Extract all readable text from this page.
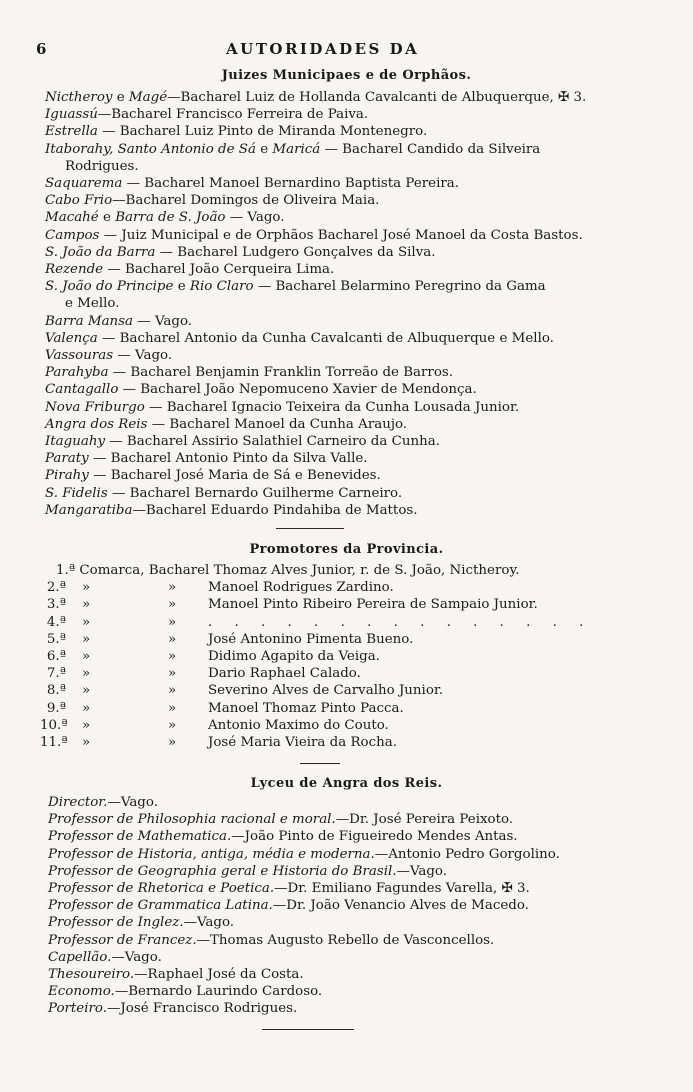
6	AUTORIDADES DA
Juizes Municipaes e de Orphãos.
Nictheroy e Magé—Bacharel Luiz de Hollanda Cavalcanti de Albuquerque, ✠ 3.
Iguassú—Bacharel Francisco Ferreira de Paiva.
Estrella — Bacharel Luiz Pinto de Miranda Montenegro.
Itaborahy, Santo Antonio de Sá e Maricá — Bacharel Candido da Silveira
Rodrigues.
Saquarema — Bacharel Manoel Bernardino Baptista Pereira.
Cabo Frio—Bacharel Domingos de Oliveira Maia.
Macahé e Barra de S. João — Vago.
Campos — Juiz Municipal e de Orphãos Bacharel José Manoel da Costa Bastos.
S. João da Barra — Bacharel Ludgero Gonçalves da Silva.
Rezende — Bacharel João Cerqueira Lima.
S. João do Principe e Rio Claro — Bacharel Belarmino Peregrino da Gama
e Mello.
Barra Mansa — Vago.
Valença — Bacharel Antonio da Cunha Cavalcanti de Albuquerque e Mello.
Vassouras — Vago.
Parahyba — Bacharel Benjamin Franklin Torreão de Barros.
Cantagallo — Bacharel João Nepomuceno Xavier de Mendonça.
Nova Friburgo — Bacharel Ignacio Teixeira da Cunha Lousada Junior.
Angra dos Reis — Bacharel Manoel da Cunha Araujo.
Itaguahy — Bacharel Assirio Salathiel Carneiro da Cunha.
Paraty — Bacharel Antonio Pinto da Silva Valle.
Pirahy — Bacharel José Maria de Sá e Benevides.
S. Fidelis — Bacharel Bernardo Guilherme Carneiro.
Mangaratiba—Bacharel Eduardo Pindahiba de Mattos.
Promotores da Provincia.
1.ª Comarca, Bacharel Thomaz Alves Junior, r. de S. João, Nictheroy.
2.ª »	» Manoel Rodrigues Zardino.
3.ª »	» Manoel Pinto Ribeiro Pereira de Sampaio Junior.
4.ª »	» . . . . . . . . . . . . . . .
5.ª »	» José Antonino Pimenta Bueno.
6.ª »	» Didimo Agapito da Veiga.
7.ª »	» Dario Raphael Calado.
8.ª »	» Severino Alves de Carvalho Junior.
9.ª »	» Manoel Thomaz Pinto Pacca.
10.ª »	» Antonio Maximo do Couto.
11.ª »	» José Maria Vieira da Rocha.
Lyceu de Angra dos Reis.
Director.—Vago.
Professor de Philosophia racional e moral.—Dr. José Pereira Peixoto.
Professor de Mathematica.—João Pinto de Figueiredo Mendes Antas.
Professor de Historia, antiga, média e moderna.—Antonio Pedro Gorgolino.
Professor de Geographia geral e Historia do Brasil.—Vago.
Professor de Rhetorica e Poetica.—Dr. Emiliano Fagundes Varella, ✠ 3.
Professor de Grammatica Latina.—Dr. João Venancio Alves de Macedo.
Professor de Inglez.—Vago.
Professor de Francez.—Thomas Augusto Rebello de Vasconcellos.
Capellão.—Vago.
Thesoureiro.—Raphael José da Costa.
Economo.—Bernardo Laurindo Cardoso.
Porteiro.—José Francisco Rodrigues.
